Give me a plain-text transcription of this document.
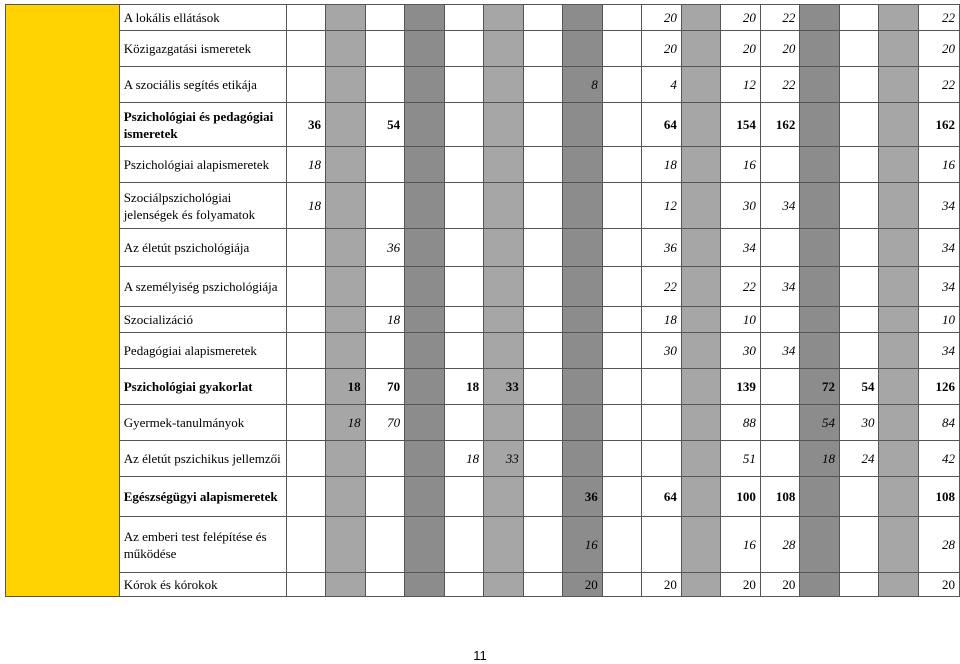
	A lokális ellátások										20		20	22				22
	Közigazgatási ismeretek										20		20	20				20
	A szociális segítés etikája								8		4		12	22				22
	Pszichológiai és pedagógiai ismeretek	36		54							64		154	162				162
	Pszichológiai alapismeretek	18									18		16					16
	Szociálpszichológiai jelenségek és folyamatok	18									12		30	34				34
	Az életút pszichológiája			36							36		34					34
	A személyiség pszichológiája										22		22	34				34
	Szocializáció			18							18		10					10
	Pedagógiai alapismeretek										30		30	34				34
	Pszichológiai gyakorlat		18	70		18	33						139		72	54		126
	Gyermek-tanulmányok		18	70									88		54	30		84
	Az életút pszichikus jellemzői					18	33						51		18	24		42
	Egészségügyi alapismeretek								36		64		100	108				108
	Az emberi test felépítése és működése								16				16	28				28
	Kórok és kórokok								20		20		20	20				20
11
